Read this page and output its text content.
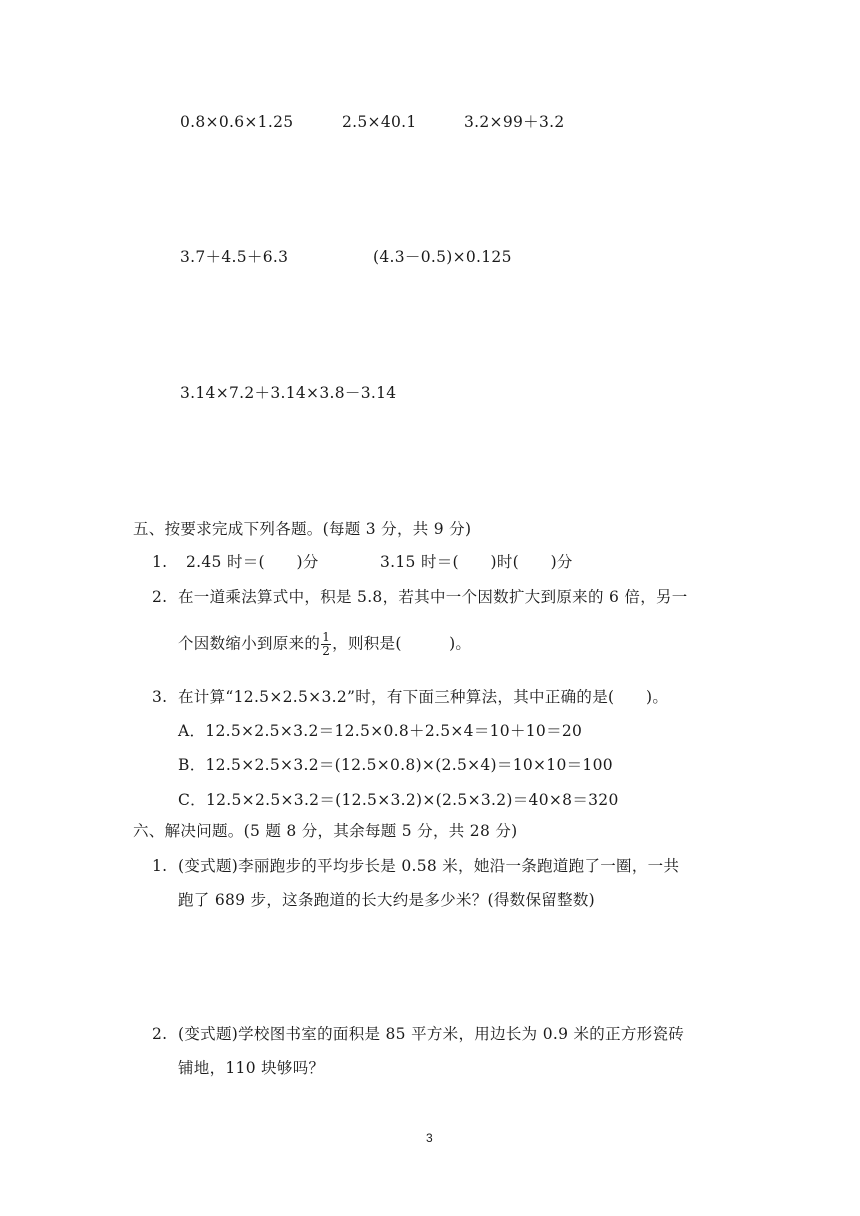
0.8×0.6×1.25	2.5×40.1	3.2×99＋3.2
3.7＋4.5＋6.3	(4.3－0.5)×0.125
3.14×7.2＋3.14×3.8－3.14
五、按要求完成下列各题。(每题 3 分，共 9 分)
1. 2.45 时＝(　　)分	3.15 时＝(　　)时(　　)分
2. 在一道乘法算式中，积是 5.8，若其中一个因数扩大到原来的 6 倍，另一
个因数缩小到原来的 $\frac{1}{2}$ ，则积是(　　　)。
3. 在计算“12.5×2.5×3.2”时，有下面三种算法，其中正确的是(　　)。
A．12.5×2.5×3.2＝12.5×0.8＋2.5×4＝10＋10＝20
B．12.5×2.5×3.2＝(12.5×0.8)×(2.5×4)＝10×10＝100
C．12.5×2.5×3.2＝(12.5×3.2)×(2.5×3.2)＝40×8＝320
六、解决问题。(5 题 8 分，其余每题 5 分，共 28 分)
1. (变式题)李丽跑步的平均步长是 0.58 米，她沿一条跑道跑了一圈，一共
跑了 689 步，这条跑道的长大约是多少米？(得数保留整数)
2. (变式题)学校图书室的面积是 85 平方米，用边长为 0.9 米的正方形瓷砖
铺地，110 块够吗？
3
